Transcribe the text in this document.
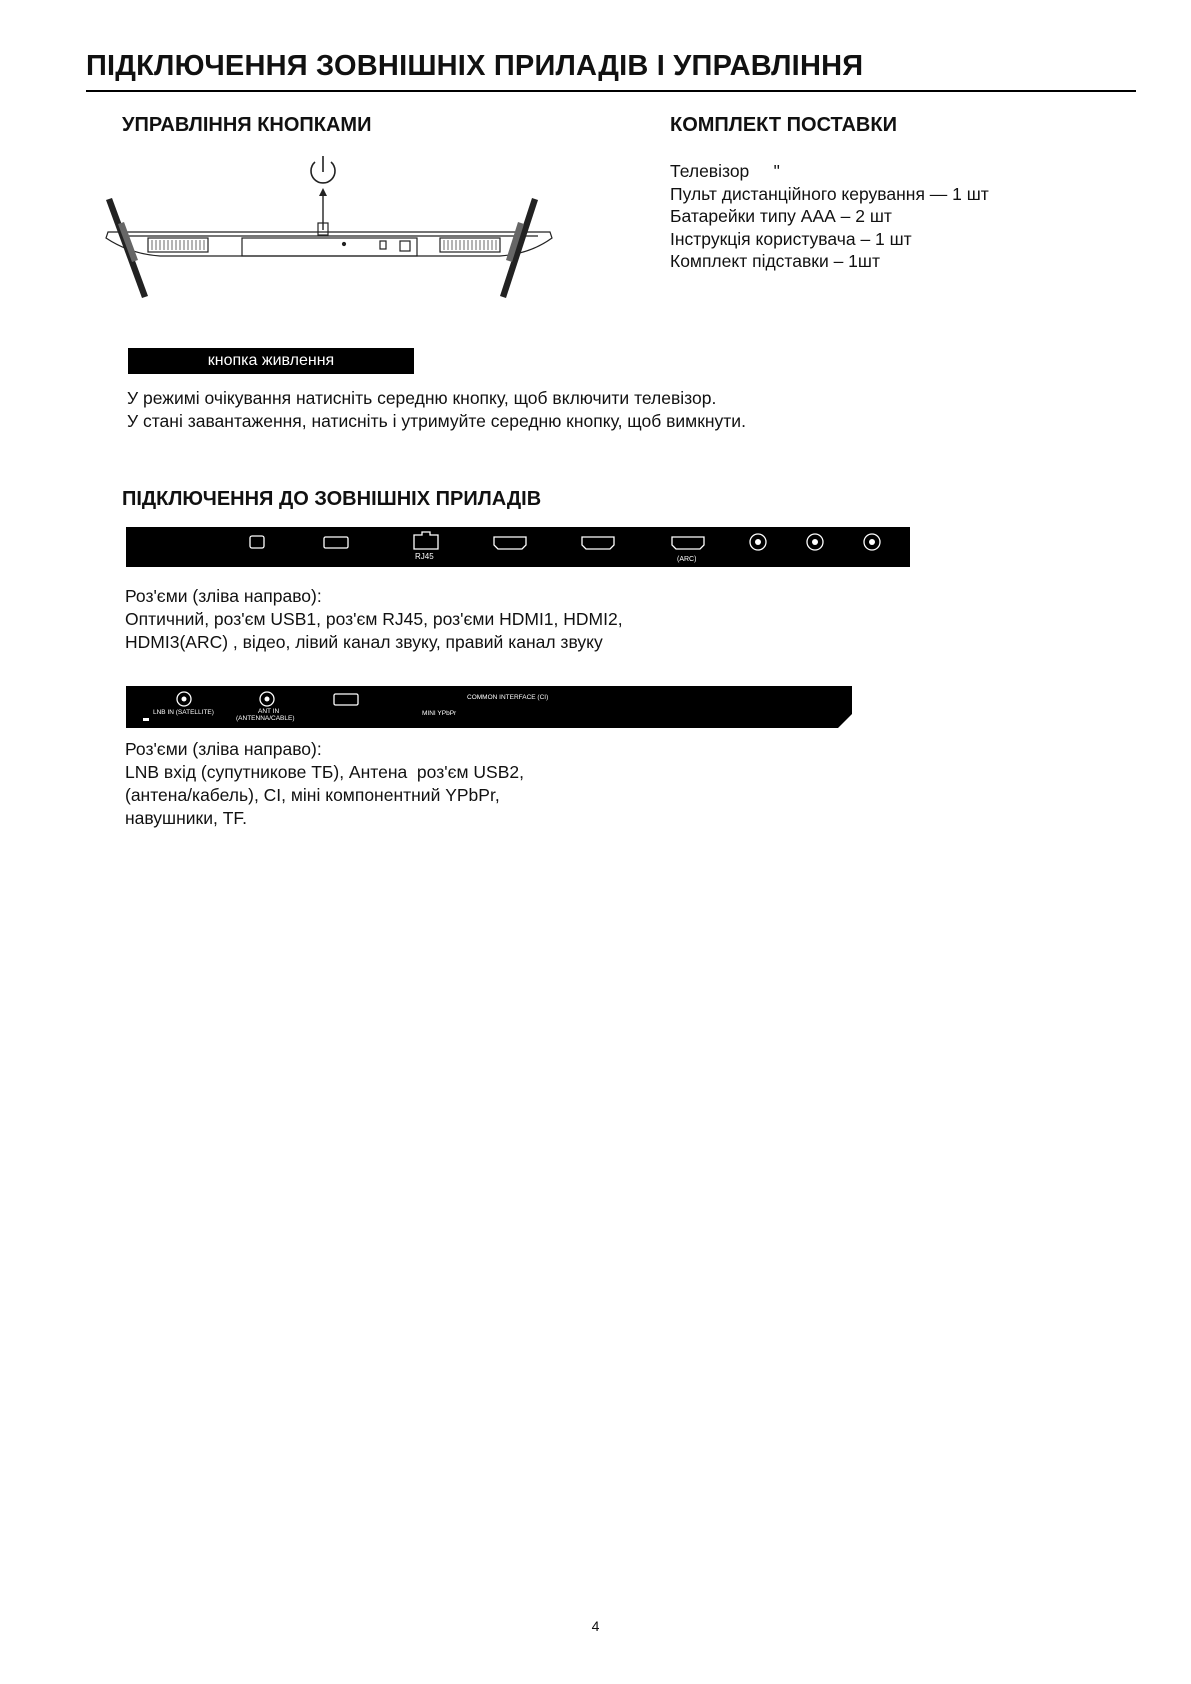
ПІДКЛЮЧЕННЯ ЗОВНІШНІХ ПРИЛАДІВ І УПРАВЛІННЯ
УПРАВЛІННЯ КНОПКАМИ
кнопка живлення
У режимі очікування натисніть середню кнопку, щоб включити телевізор.
У стані завантаження, натисніть і утримуйте середню кнопку, щоб вимкнути.
КОМПЛЕКТ ПОСТАВКИ
Телевізор     "
Пульт дистанційного керування — 1 шт
Батарейки типу ААА – 2 шт
Інструкція користувача – 1 шт
Комплект підставки – 1шт
ПІДКЛЮЧЕННЯ ДО ЗОВНІШНІХ ПРИЛАДІВ
RJ45	(ARC)
Роз'єми (зліва направо):
Оптичний, роз'єм USB1, роз'єм RJ45, роз'єми HDMI1, HDMI2,
HDMI3(ARC) , відео, лівий канал звуку, правий канал звуку
LNB IN (SATELLITE)	ANT IN
(ANTENNA/CABLE)
COMMON INTERFACE (CI)
MINI YPbPr
Роз'єми (зліва направо):
LNB вхід (супутникове ТБ), Антена  роз'єм USB2,
(антена/кабель), CI, міні компонентний YPbPr,
навушники, TF.
4
